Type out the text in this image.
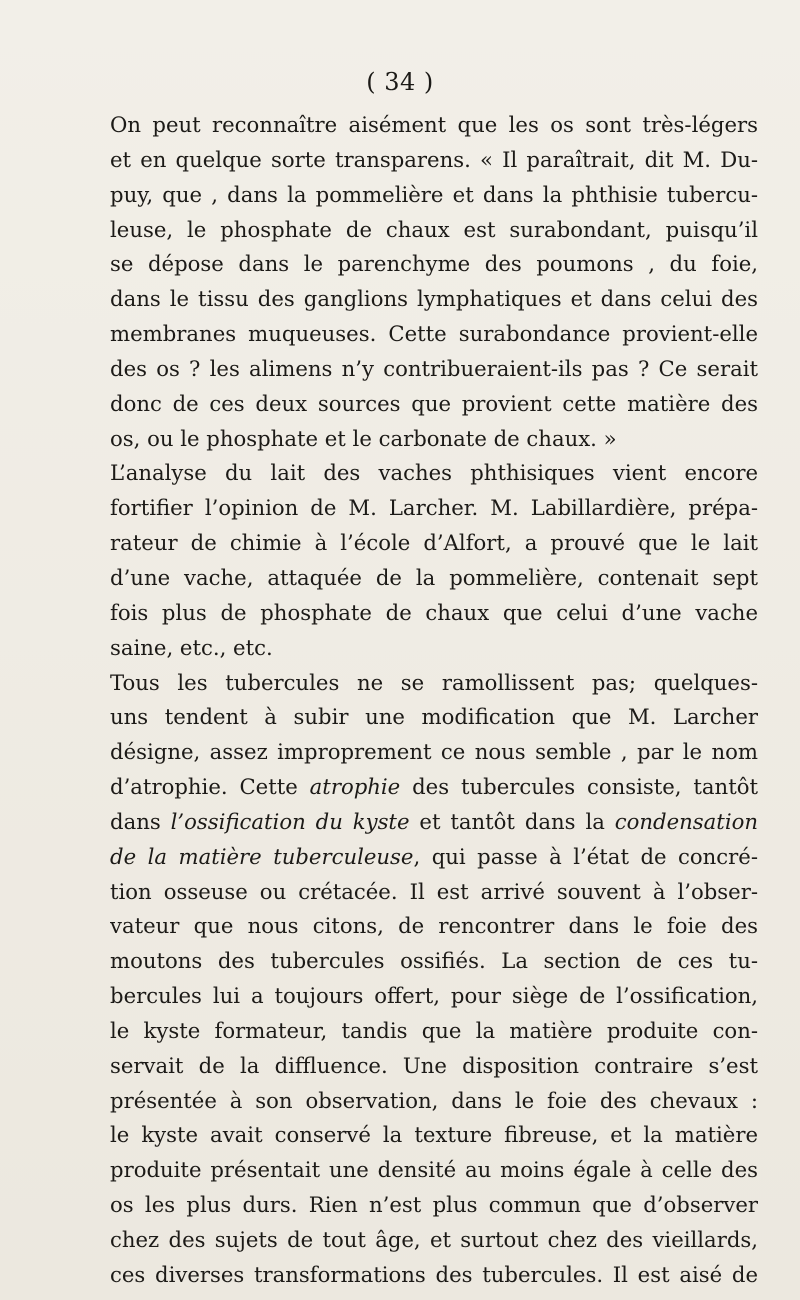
( 34 )
On peut reconnaître aisément que les os sont très-légers
et en quelque sorte transparens. « Il paraîtrait, dit M. Du-
puy, que , dans la pommelière et dans la phthisie tubercu-
leuse, le phosphate de chaux est surabondant, puisqu’il
se dépose dans le parenchyme des poumons , du foie,
dans le tissu des ganglions lymphatiques et dans celui des
membranes muqueuses. Cette surabondance provient-elle
des os ? les alimens n’y contribueraient-ils pas ? Ce serait
donc de ces deux sources que provient cette matière des
os, ou le phosphate et le carbonate de chaux. »
L’analyse du lait des vaches phthisiques vient encore
fortifier l’opinion de M. Larcher. M. Labillardière, prépa-
rateur de chimie à l’école d’Alfort, a prouvé que le lait
d’une vache, attaquée de la pommelière, contenait sept
fois plus de phosphate de chaux que celui d’une vache
saine, etc., etc.
Tous les tubercules ne se ramollissent pas; quelques-
uns tendent à subir une modification que M. Larcher
désigne, assez improprement ce nous semble , par le nom
d’atrophie. Cette atrophie des tubercules consiste, tantôt
dans l’ossification du kyste et tantôt dans la condensation
de la matière tuberculeuse, qui passe à l’état de concré-
tion osseuse ou crétacée. Il est arrivé souvent à l’obser-
vateur que nous citons, de rencontrer dans le foie des
moutons des tubercules ossifiés. La section de ces tu-
bercules lui a toujours offert, pour siège de l’ossification,
le kyste formateur, tandis que la matière produite con-
servait de la diffluence. Une disposition contraire s’est
présentée à son observation, dans le foie des chevaux :
le kyste avait conservé la texture fibreuse, et la matière
produite présentait une densité au moins égale à celle des
os les plus durs. Rien n’est plus commun que d’observer
chez des sujets de tout âge, et surtout chez des vieillards,
ces diverses transformations des tubercules. Il est aisé de
